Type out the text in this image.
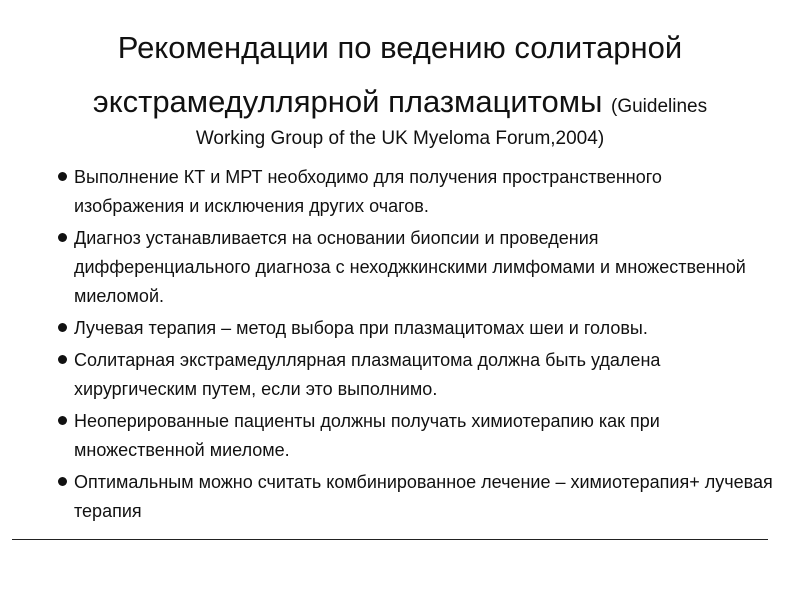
Рекомендации по ведению солитарной
экстрамедуллярной плазмацитомы (Guidelines
Working Group of the UK Myeloma Forum,2004)
Выполнение КТ и МРТ необходимо для получения пространственного изображения и исключения других очагов.
Диагноз устанавливается на основании биопсии и проведения дифференциального диагноза с неходжкинскими лимфомами и множественной миеломой.
Лучевая терапия – метод выбора при плазмацитомах шеи и головы.
Солитарная экстрамедуллярная плазмацитома должна быть удалена хирургическим путем, если это выполнимо.
Неоперированные пациенты должны получать химиотерапию как при множественной миеломе.
Оптимальным можно считать комбинированное лечение – химиотерапия+ лучевая терапия
